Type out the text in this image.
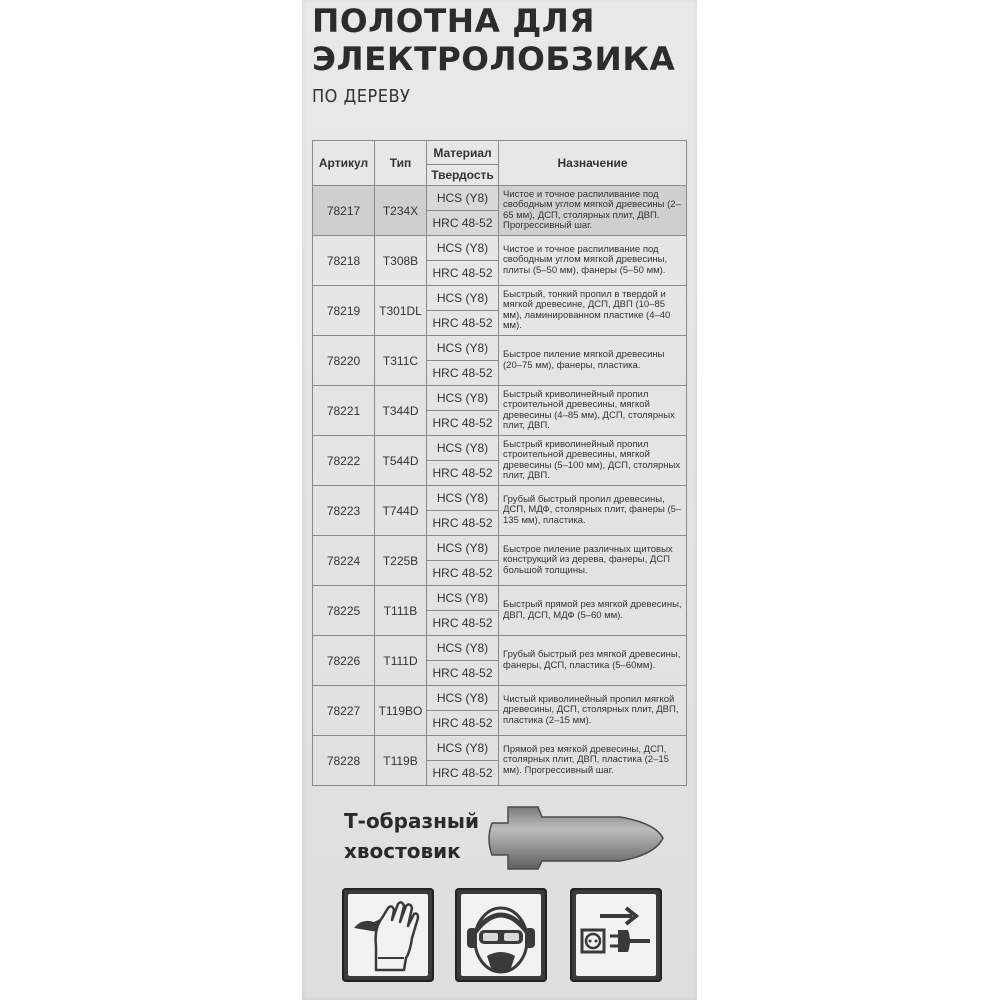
ПОЛОТНА ДЛЯ
ЭЛЕКТРОЛОБЗИКА
ПО ДЕРЕВУ
Артикул	Тип	Материал	Назначение
		Твердость	
78217	T234X	HCS (Y8)	Чистое и точное распиливание под свободным углом мягкой древесины (2–65 мм), ДСП, столярных плит, ДВП. Прогрессивный шаг.
		HRC 48-52	
78218	T308B	HCS (Y8)	Чистое и точное распиливание под свободным углом мягкой древесины, плиты (5–50 мм), фанеры (5–50 мм).
		HRC 48-52	
78219	T301DL	HCS (Y8)	Быстрый, тонкий пропил в твердой и мягкой древесине, ДСП, ДВП (10–85 мм), ламинированном пластике (4–40 мм).
		HRC 48-52	
78220	T311C	HCS (Y8)	Быстрое пиление мягкой древесины (20–75 мм), фанеры, пластика.
		HRC 48-52	
78221	T344D	HCS (Y8)	Быстрый криволинейный пропил строительной древесины, мягкой древесины (4–85 мм), ДСП, столярных плит, ДВП.
		HRC 48-52	
78222	T544D	HCS (Y8)	Быстрый криволинейный пропил строительной древесины, мягкой древесины (5–100 мм), ДСП, столярных плит, ДВП.
		HRC 48-52	
78223	T744D	HCS (Y8)	Грубый быстрый пропил древесины, ДСП, МДФ, столярных плит, фанеры (5–135 мм), пластика.
		HRC 48-52	
78224	T225B	HCS (Y8)	Быстрое пиление различных щитовых конструкций из дерева, фанеры, ДСП большой толщины.
		HRC 48-52	
78225	T111B	HCS (Y8)	Быстрый прямой рез мягкой древесины, ДВП, ДСП, МДФ (5–60 мм).
		HRC 48-52	
78226	T111D	HCS (Y8)	Грубый быстрый рез мягкой древесины, фанеры, ДСП, пластика (5–60мм).
		HRC 48-52	
78227	T119BO	HCS (Y8)	Чистый криволинейный пропил мягкой древесины, ДСП, столярных плит, ДВП, пластика (2–15 мм).
		HRC 48-52	
78228	T119B	HCS (Y8)	Прямой рез мягкой древесины, ДСП, столярных плит, ДВП, пластика (2–15 мм). Прогрессивный шаг.
		HRC 48-52	
Т-образный
хвостовик
